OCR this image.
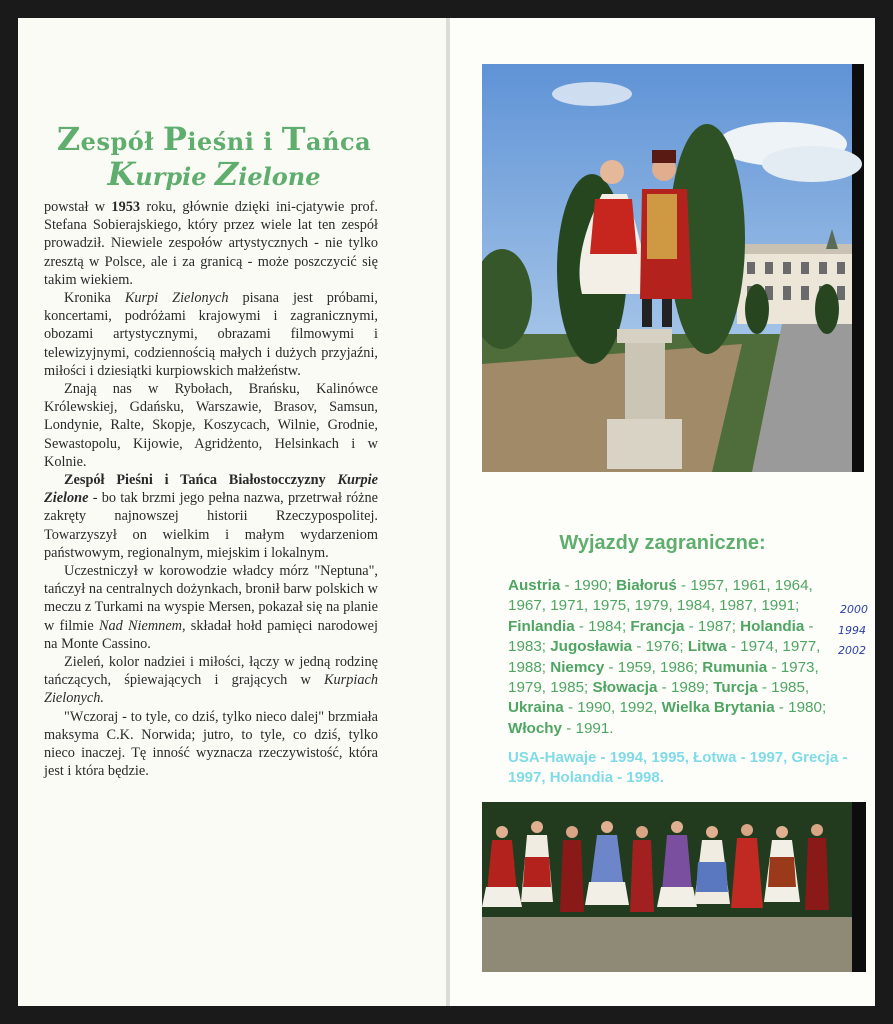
Zespół Pieśni i Tańca
Kurpie Zielone

powstał w 1953 roku, głównie dzięki ini-cjatywie prof. Stefana Sobierajskiego, który przez wiele lat ten zespół prowadził. Niewiele zespołów artystycznych - nie tylko zresztą w Polsce, ale i za granicą - może poszczycić się takim wiekiem.

Kronika Kurpi Zielonych pisana jest próbami, koncertami, podróżami krajowymi i zagranicznymi, obozami artystycznymi, obrazami filmowymi i telewizyjnymi, codziennością małych i dużych przyjaźni, miłości i dziesiątki kurpiowskich małżeństw.

Znają nas w Rybołach, Brańsku, Kalinówce Królewskiej, Gdańsku, Warszawie, Brasov, Samsun, Londynie, Ralte, Skopje, Koszycach, Wilnie, Grodnie, Sewastopolu, Kijowie, Agridżento, Helsinkach i w Kolnie.

Zespół Pieśni i Tańca Białostocczyzny Kurpie Zielone - bo tak brzmi jego pełna nazwa, przetrwał różne zakręty najnowszej historii Rzeczypospolitej. Towarzyszył on wielkim i małym wydarzeniom państwowym, regionalnym, miejskim i lokalnym.

Uczestniczył w korowodzie władcy mórz "Neptuna", tańczył na centralnych dożynkach, bronił barw polskich w meczu z Turkami na wyspie Mersen, pokazał się na planie w filmie Nad Niemnem, składał hołd pamięci narodowej na Monte Cassino.

Zieleń, kolor nadziei i miłości, łączy w jedną rodzinę tańczących, śpiewających i grających w Kurpiach Zielonych.

"Wczoraj - to tyle, co dziś, tylko nieco dalej" brzmiała maksyma C.K. Norwida; jutro, to tyle, co dziś, tylko nieco inaczej. Tę inność wyznacza rzeczywistość, która jest i która będzie.

Wyjazdy zagraniczne:
Austria - 1990; Białoruś - 1957, 1961, 1964, 1967, 1971, 1975, 1979, 1984, 1987, 1991; Finlandia - 1984; Francja - 1987; Holandia - 1983; Jugosławia - 1976; Litwa - 1974, 1977, 1988; Niemcy - 1959, 1986; Rumunia - 1973, 1979, 1985; Słowacja - 1989; Turcja - 1985, Ukraina - 1990, 1992, Wielka Brytania - 1980; Włochy - 1991.
USA-Hawaje - 1994, 1995, Łotwa - 1997, Grecja - 1997, Holandia - 1998.
2000
1994
2002
